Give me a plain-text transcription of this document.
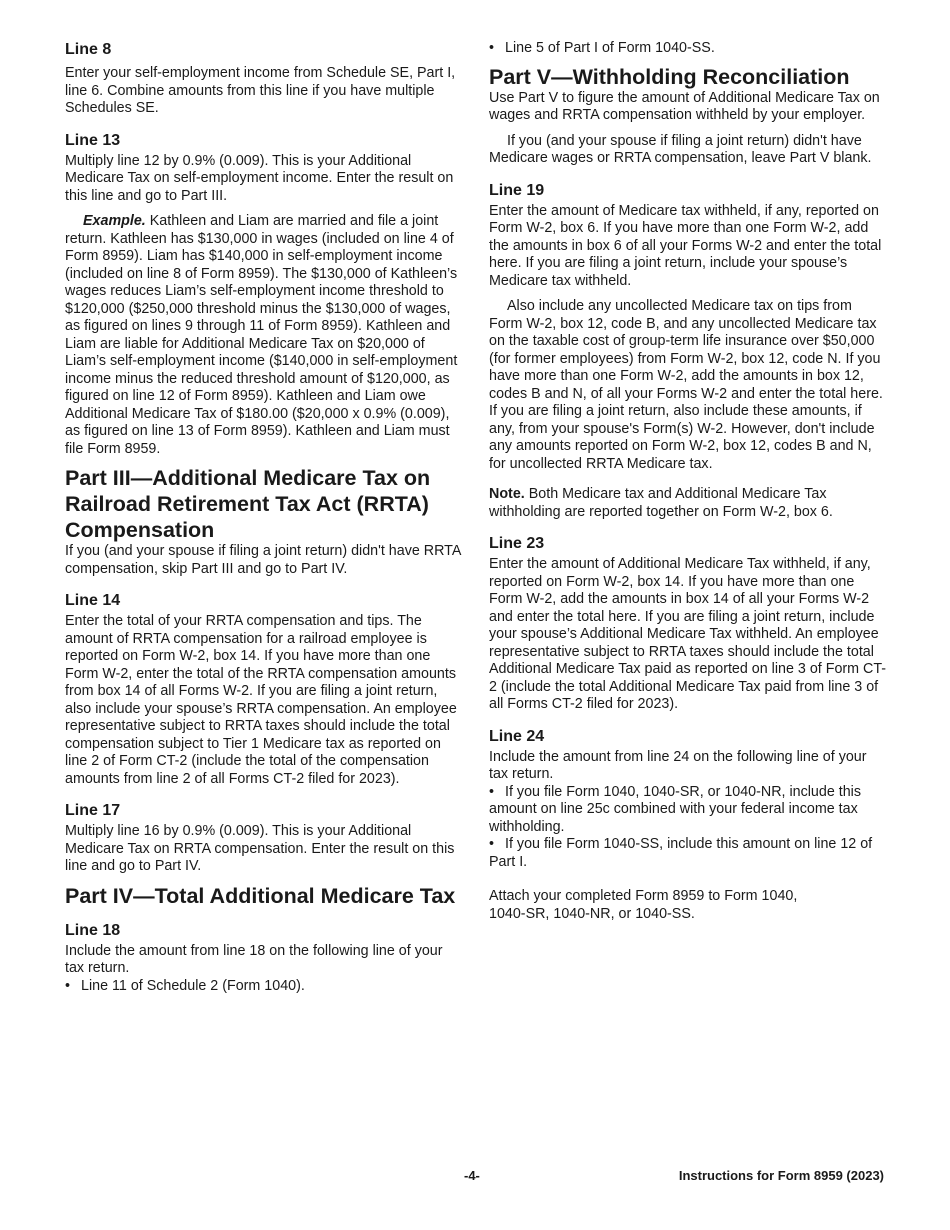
Line 8

Enter your self-employment income from Schedule SE, Part I, line 6. Combine amounts from this line if you have multiple Schedules SE.

Line 13

Multiply line 12 by 0.9% (0.009). This is your Additional Medicare Tax on self-employment income. Enter the result on this line and go to Part III.

Example. Kathleen and Liam are married and file a joint return. Kathleen has $130,000 in wages (included on line 4 of Form 8959). Liam has $140,000 in self-employment income (included on line 8 of Form 8959). The $130,000 of Kathleen’s wages reduces Liam’s self-employment income threshold to $120,000 ($250,000 threshold minus the $130,000 of wages, as figured on lines 9 through 11 of Form 8959). Kathleen and Liam are liable for Additional Medicare Tax on $20,000 of Liam’s self-employment income ($140,000 in self-employment income minus the reduced threshold amount of $120,000, as figured on line 12 of Form 8959). Kathleen and Liam owe Additional Medicare Tax of $180.00 ($20,000 x 0.9% (0.009), as figured on line 13 of Form 8959). Kathleen and Liam must file Form 8959.

Part III—Additional Medicare Tax on Railroad Retirement Tax Act (RRTA) Compensation

If you (and your spouse if filing a joint return) didn't have RRTA compensation, skip Part III and go to Part IV.

Line 14

Enter the total of your RRTA compensation and tips. The amount of RRTA compensation for a railroad employee is reported on Form W-2, box 14. If you have more than one Form W-2, enter the total of the RRTA compensation amounts from box 14 of all Forms W-2. If you are filing a joint return, also include your spouse’s RRTA compensation. An employee representative subject to RRTA taxes should include the total compensation subject to Tier 1 Medicare tax as reported on line 2 of Form CT-2 (include the total of the compensation amounts from line 2 of all Forms CT-2 filed for 2023).

Line 17

Multiply line 16 by 0.9% (0.009). This is your Additional Medicare Tax on RRTA compensation. Enter the result on this line and go to Part IV.

Part IV—Total Additional Medicare Tax
Line 18

Include the amount from line 18 on the following line of your tax return.

• Line 11 of Schedule 2 (Form 1040).

• Line 5 of Part I of Form 1040-SS.

Part V—Withholding Reconciliation

Use Part V to figure the amount of Additional Medicare Tax on wages and RRTA compensation withheld by your employer.

If you (and your spouse if filing a joint return) didn't have Medicare wages or RRTA compensation, leave Part V blank.

Line 19

Enter the amount of Medicare tax withheld, if any, reported on Form W-2, box 6. If you have more than one Form W-2, add the amounts in box 6 of all your Forms W-2 and enter the total here. If you are filing a joint return, include your spouse’s Medicare tax withheld.

Also include any uncollected Medicare tax on tips from Form W-2, box 12, code B, and any uncollected Medicare tax on the taxable cost of group-term life insurance over $50,000 (for former employees) from Form W-2, box 12, code N. If you have more than one Form W-2, add the amounts in box 12, codes B and N, of all your Forms W-2 and enter the total here. If you are filing a joint return, also include these amounts, if any, from your spouse's Form(s) W-2. However, don't include any amounts reported on Form W-2, box 12, codes B and N, for uncollected RRTA Medicare tax.

Note. Both Medicare tax and Additional Medicare Tax withholding are reported together on Form W-2, box 6.

Line 23

Enter the amount of Additional Medicare Tax withheld, if any, reported on Form W-2, box 14. If you have more than one Form W-2, add the amounts in box 14 of all your Forms W-2 and enter the total here. If you are filing a joint return, include your spouse’s Additional Medicare Tax withheld. An employee representative subject to RRTA taxes should include the total Additional Medicare Tax paid as reported on line 3 of Form CT-2 (include the total Additional Medicare Tax paid from line 3 of all Forms CT-2 filed for 2023).

Line 24

Include the amount from line 24 on the following line of your tax return.

• If you file Form 1040, 1040-SR, or 1040-NR, include this amount on line 25c combined with your federal income tax withholding.

• If you file Form 1040-SS, include this amount on line 12 of Part I.

Attach your completed Form 8959 to Form 1040,

1040-SR, 1040-NR, or 1040-SS.

-4-	Instructions for Form 8959 (2023)
